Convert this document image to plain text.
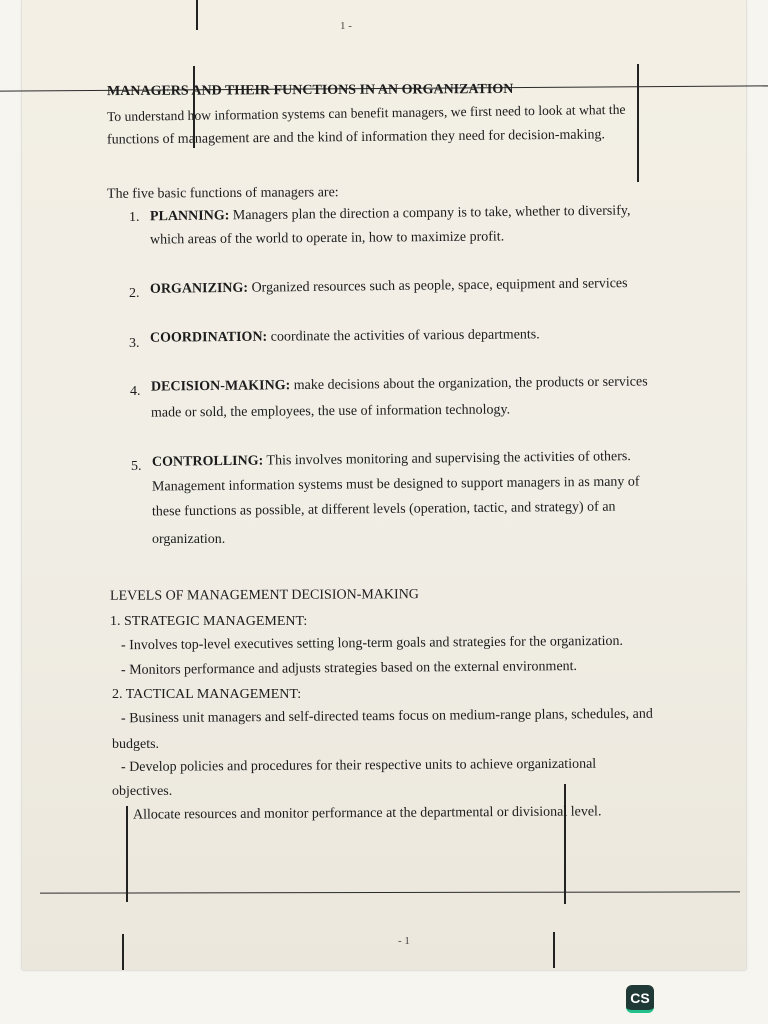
1 -
- 1
MANAGERS AND THEIR FUNCTIONS IN AN ORGANIZATION
To understand how information systems can benefit managers, we first need to look at what the
functions of management are and the kind of information they need for decision-making.
The five basic functions of managers are:
1. PLANNING: Managers plan the direction a company is to take, whether to diversify,
which areas of the world to operate in, how to maximize profit.
2. ORGANIZING: Organized resources such as people, space, equipment and services
3. COORDINATION: coordinate the activities of various departments.
4. DECISION-MAKING: make decisions about the organization, the products or services
made or sold, the employees, the use of information technology.
5. CONTROLLING: This involves monitoring and supervising the activities of others.
Management information systems must be designed to support managers in as many of
these functions as possible, at different levels (operation, tactic, and strategy) of an
organization.
LEVELS OF MANAGEMENT DECISION-MAKING
1. STRATEGIC MANAGEMENT:
- Involves top-level executives setting long-term goals and strategies for the organization.
- Monitors performance and adjusts strategies based on the external environment.
2. TACTICAL MANAGEMENT:
- Business unit managers and self-directed teams focus on medium-range plans, schedules, and
budgets.
- Develop policies and procedures for their respective units to achieve organizational
objectives.
Allocate resources and monitor performance at the departmental or divisional level.
CS
